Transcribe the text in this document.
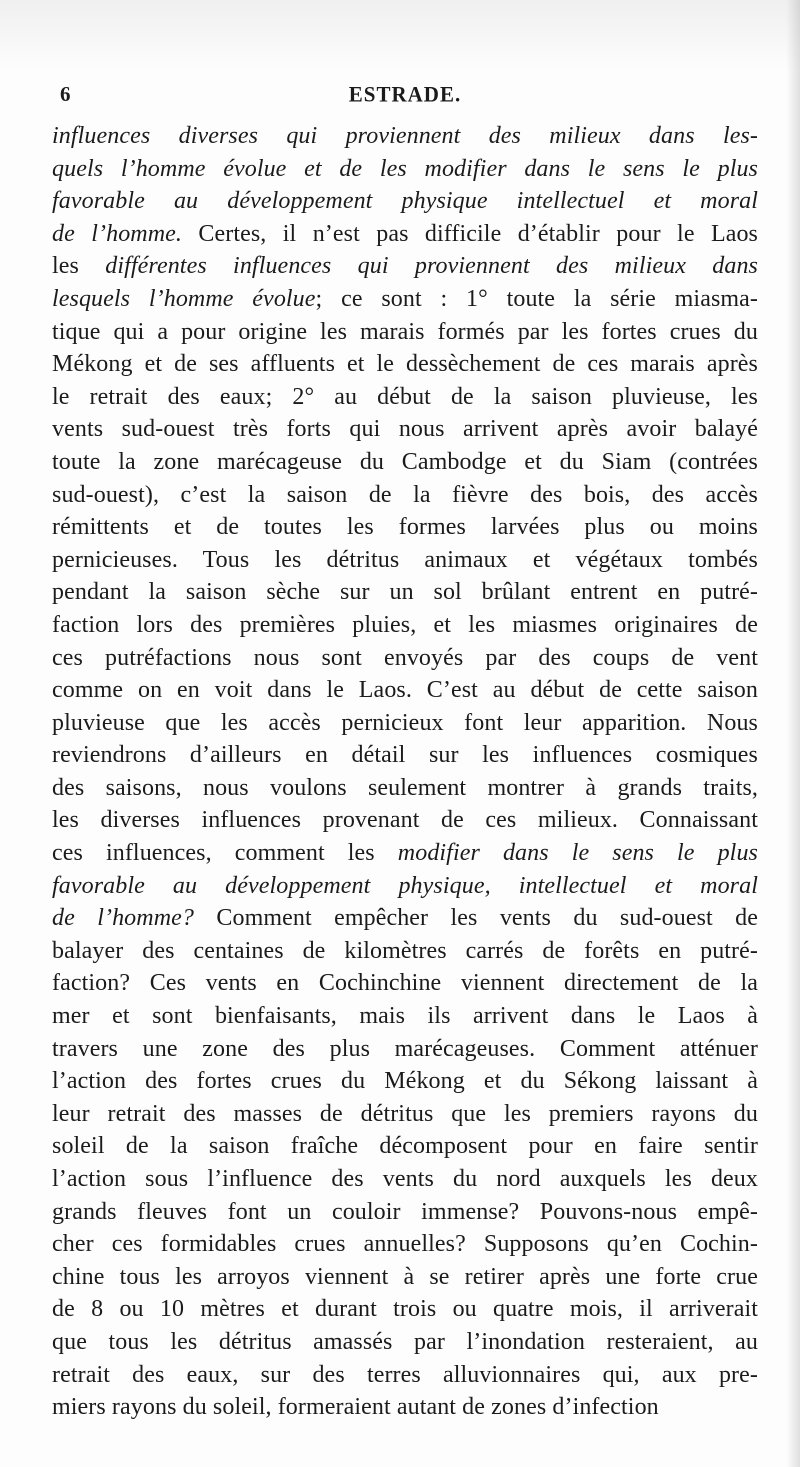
6	ESTRADE.
influences diverses qui proviennent des milieux dans les-
quels l’homme évolue et de les modifier dans le sens le plus
favorable au développement physique intellectuel et moral
de l’homme. Certes, il n’est pas difficile d’établir pour le Laos
les différentes influences qui proviennent des milieux dans
lesquels l’homme évolue; ce sont : 1° toute la série miasma-
tique qui a pour origine les marais formés par les fortes crues du
Mékong et de ses affluents et le dessèchement de ces marais après
le retrait des eaux; 2° au début de la saison pluvieuse, les
vents sud-ouest très forts qui nous arrivent après avoir balayé
toute la zone marécageuse du Cambodge et du Siam (contrées
sud-ouest), c’est la saison de la fièvre des bois, des accès
rémittents et de toutes les formes larvées plus ou moins
pernicieuses. Tous les détritus animaux et végétaux tombés
pendant la saison sèche sur un sol brûlant entrent en putré-
faction lors des premières pluies, et les miasmes originaires de
ces putréfactions nous sont envoyés par des coups de vent
comme on en voit dans le Laos. C’est au début de cette saison
pluvieuse que les accès pernicieux font leur apparition. Nous
reviendrons d’ailleurs en détail sur les influences cosmiques
des saisons, nous voulons seulement montrer à grands traits,
les diverses influences provenant de ces milieux. Connaissant
ces influences, comment les modifier dans le sens le plus
favorable au développement physique, intellectuel et moral
de l’homme? Comment empêcher les vents du sud-ouest de
balayer des centaines de kilomètres carrés de forêts en putré-
faction? Ces vents en Cochinchine viennent directement de la
mer et sont bienfaisants, mais ils arrivent dans le Laos à
travers une zone des plus marécageuses. Comment atténuer
l’action des fortes crues du Mékong et du Sékong laissant à
leur retrait des masses de détritus que les premiers rayons du
soleil de la saison fraîche décomposent pour en faire sentir
l’action sous l’influence des vents du nord auxquels les deux
grands fleuves font un couloir immense? Pouvons-nous empê-
cher ces formidables crues annuelles? Supposons qu’en Cochin-
chine tous les arroyos viennent à se retirer après une forte crue
de 8 ou 10 mètres et durant trois ou quatre mois, il arriverait
que tous les détritus amassés par l’inondation resteraient, au
retrait des eaux, sur des terres alluvionnaires qui, aux pre-
miers rayons du soleil, formeraient autant de zones d’infection
